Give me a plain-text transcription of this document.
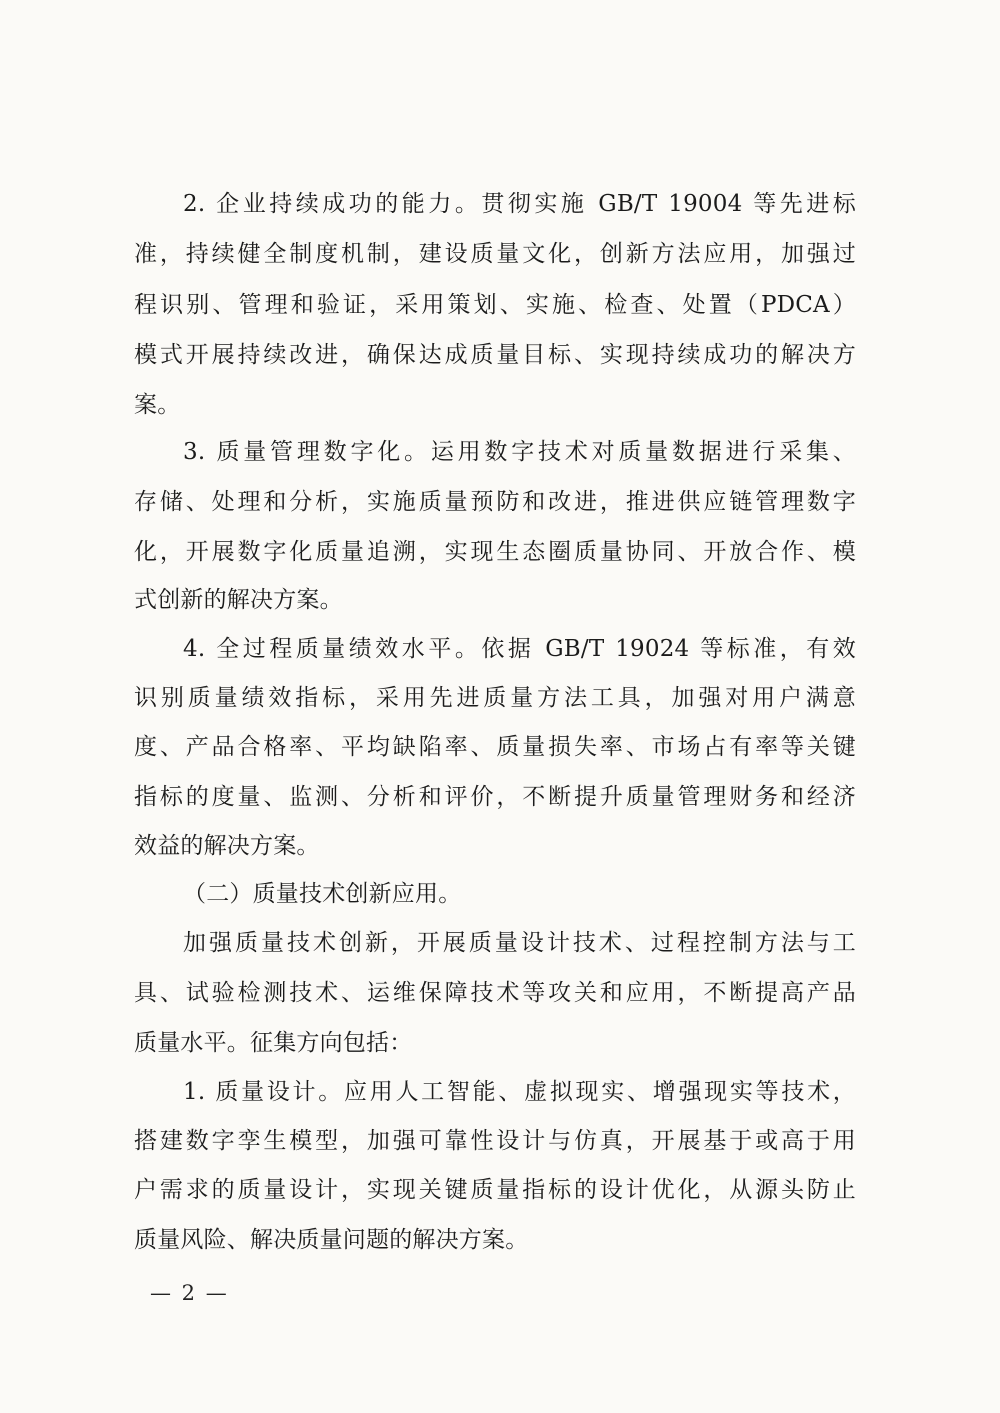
2. 企业持续成功的能力。贯彻实施 GB/T 19004 等先进标
准，持续健全制度机制，建设质量文化，创新方法应用，加强过
程识别、管理和验证，采用策划、实施、检查、处置（PDCA）
模式开展持续改进，确保达成质量目标、实现持续成功的解决方
案。
3. 质量管理数字化。运用数字技术对质量数据进行采集、
存储、处理和分析，实施质量预防和改进，推进供应链管理数字
化，开展数字化质量追溯，实现生态圈质量协同、开放合作、模
式创新的解决方案。
4. 全过程质量绩效水平。依据 GB/T 19024 等标准，有效
识别质量绩效指标，采用先进质量方法工具，加强对用户满意
度、产品合格率、平均缺陷率、质量损失率、市场占有率等关键
指标的度量、监测、分析和评价，不断提升质量管理财务和经济
效益的解决方案。
（二）质量技术创新应用。
加强质量技术创新，开展质量设计技术、过程控制方法与工
具、试验检测技术、运维保障技术等攻关和应用，不断提高产品
质量水平。征集方向包括：
1. 质量设计。应用人工智能、虚拟现实、增强现实等技术，
搭建数字孪生模型，加强可靠性设计与仿真，开展基于或高于用
户需求的质量设计，实现关键质量指标的设计优化，从源头防止
质量风险、解决质量问题的解决方案。
— 2 —
